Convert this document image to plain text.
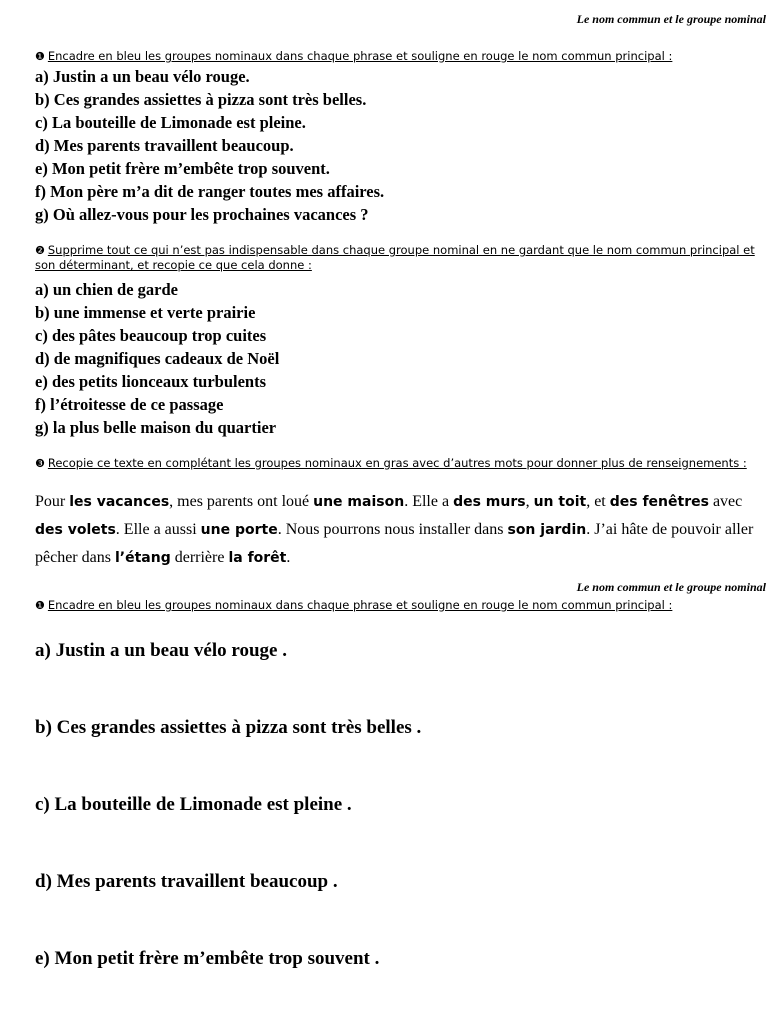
Le nom commun et le groupe nominal
❶ Encadre en bleu les groupes nominaux dans chaque phrase et souligne en rouge le nom commun principal :
a) Justin a un beau vélo rouge.
b) Ces grandes assiettes à pizza sont très belles.
c) La bouteille de Limonade est pleine.
d) Mes parents travaillent beaucoup.
e) Mon petit frère m’embête trop souvent.
f) Mon père m’a dit de ranger toutes mes affaires.
g) Où allez-vous pour les prochaines vacances ?
❷ Supprime tout ce qui n’est pas indispensable dans chaque groupe nominal en ne gardant que le nom commun principal et son déterminant, et recopie ce que cela donne :
a) un chien de garde
b) une immense et verte prairie
c) des pâtes beaucoup trop cuites
d) de magnifiques cadeaux de Noël
e) des petits lionceaux turbulents
f) l’étroitesse de ce passage
g) la plus belle maison du quartier
❸ Recopie ce texte en complétant les groupes nominaux en gras avec d’autres mots pour donner plus de renseignements :
Pour les vacances, mes parents ont loué une maison. Elle a des murs, un toit, et des fenêtres avec des volets. Elle a aussi une porte. Nous pourrons nous installer dans son jardin. J’ai hâte de pouvoir aller pêcher dans l’étang derrière la forêt.
Le nom commun et le groupe nominal
❶ Encadre en bleu les groupes nominaux dans chaque phrase et souligne en rouge le nom commun principal :
a) Justin a un beau vélo rouge .
b) Ces grandes assiettes à pizza sont très belles .
c) La bouteille de Limonade est pleine .
d) Mes parents travaillent beaucoup .
e) Mon petit frère m’embête trop souvent .
